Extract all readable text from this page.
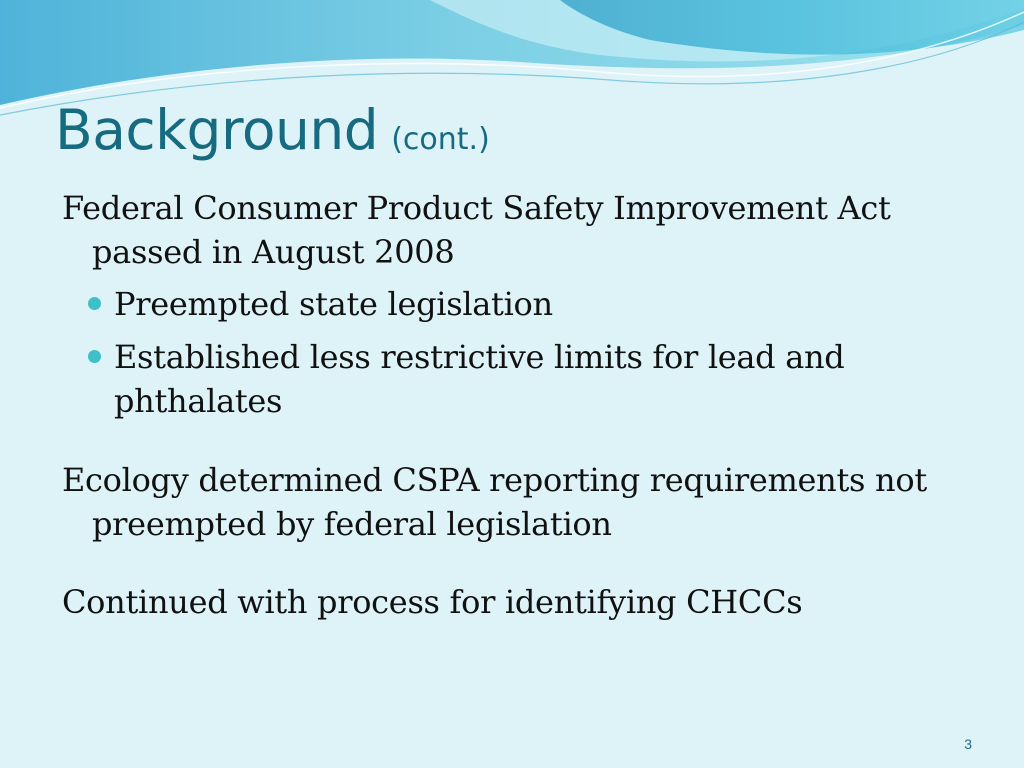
Background (cont.)
Federal Consumer Product Safety Improvement Act passed in August 2008
Preempted state legislation
Established less restrictive limits for lead and phthalates
Ecology determined CSPA reporting requirements not preempted by federal legislation
Continued with process for identifying CHCCs
3
